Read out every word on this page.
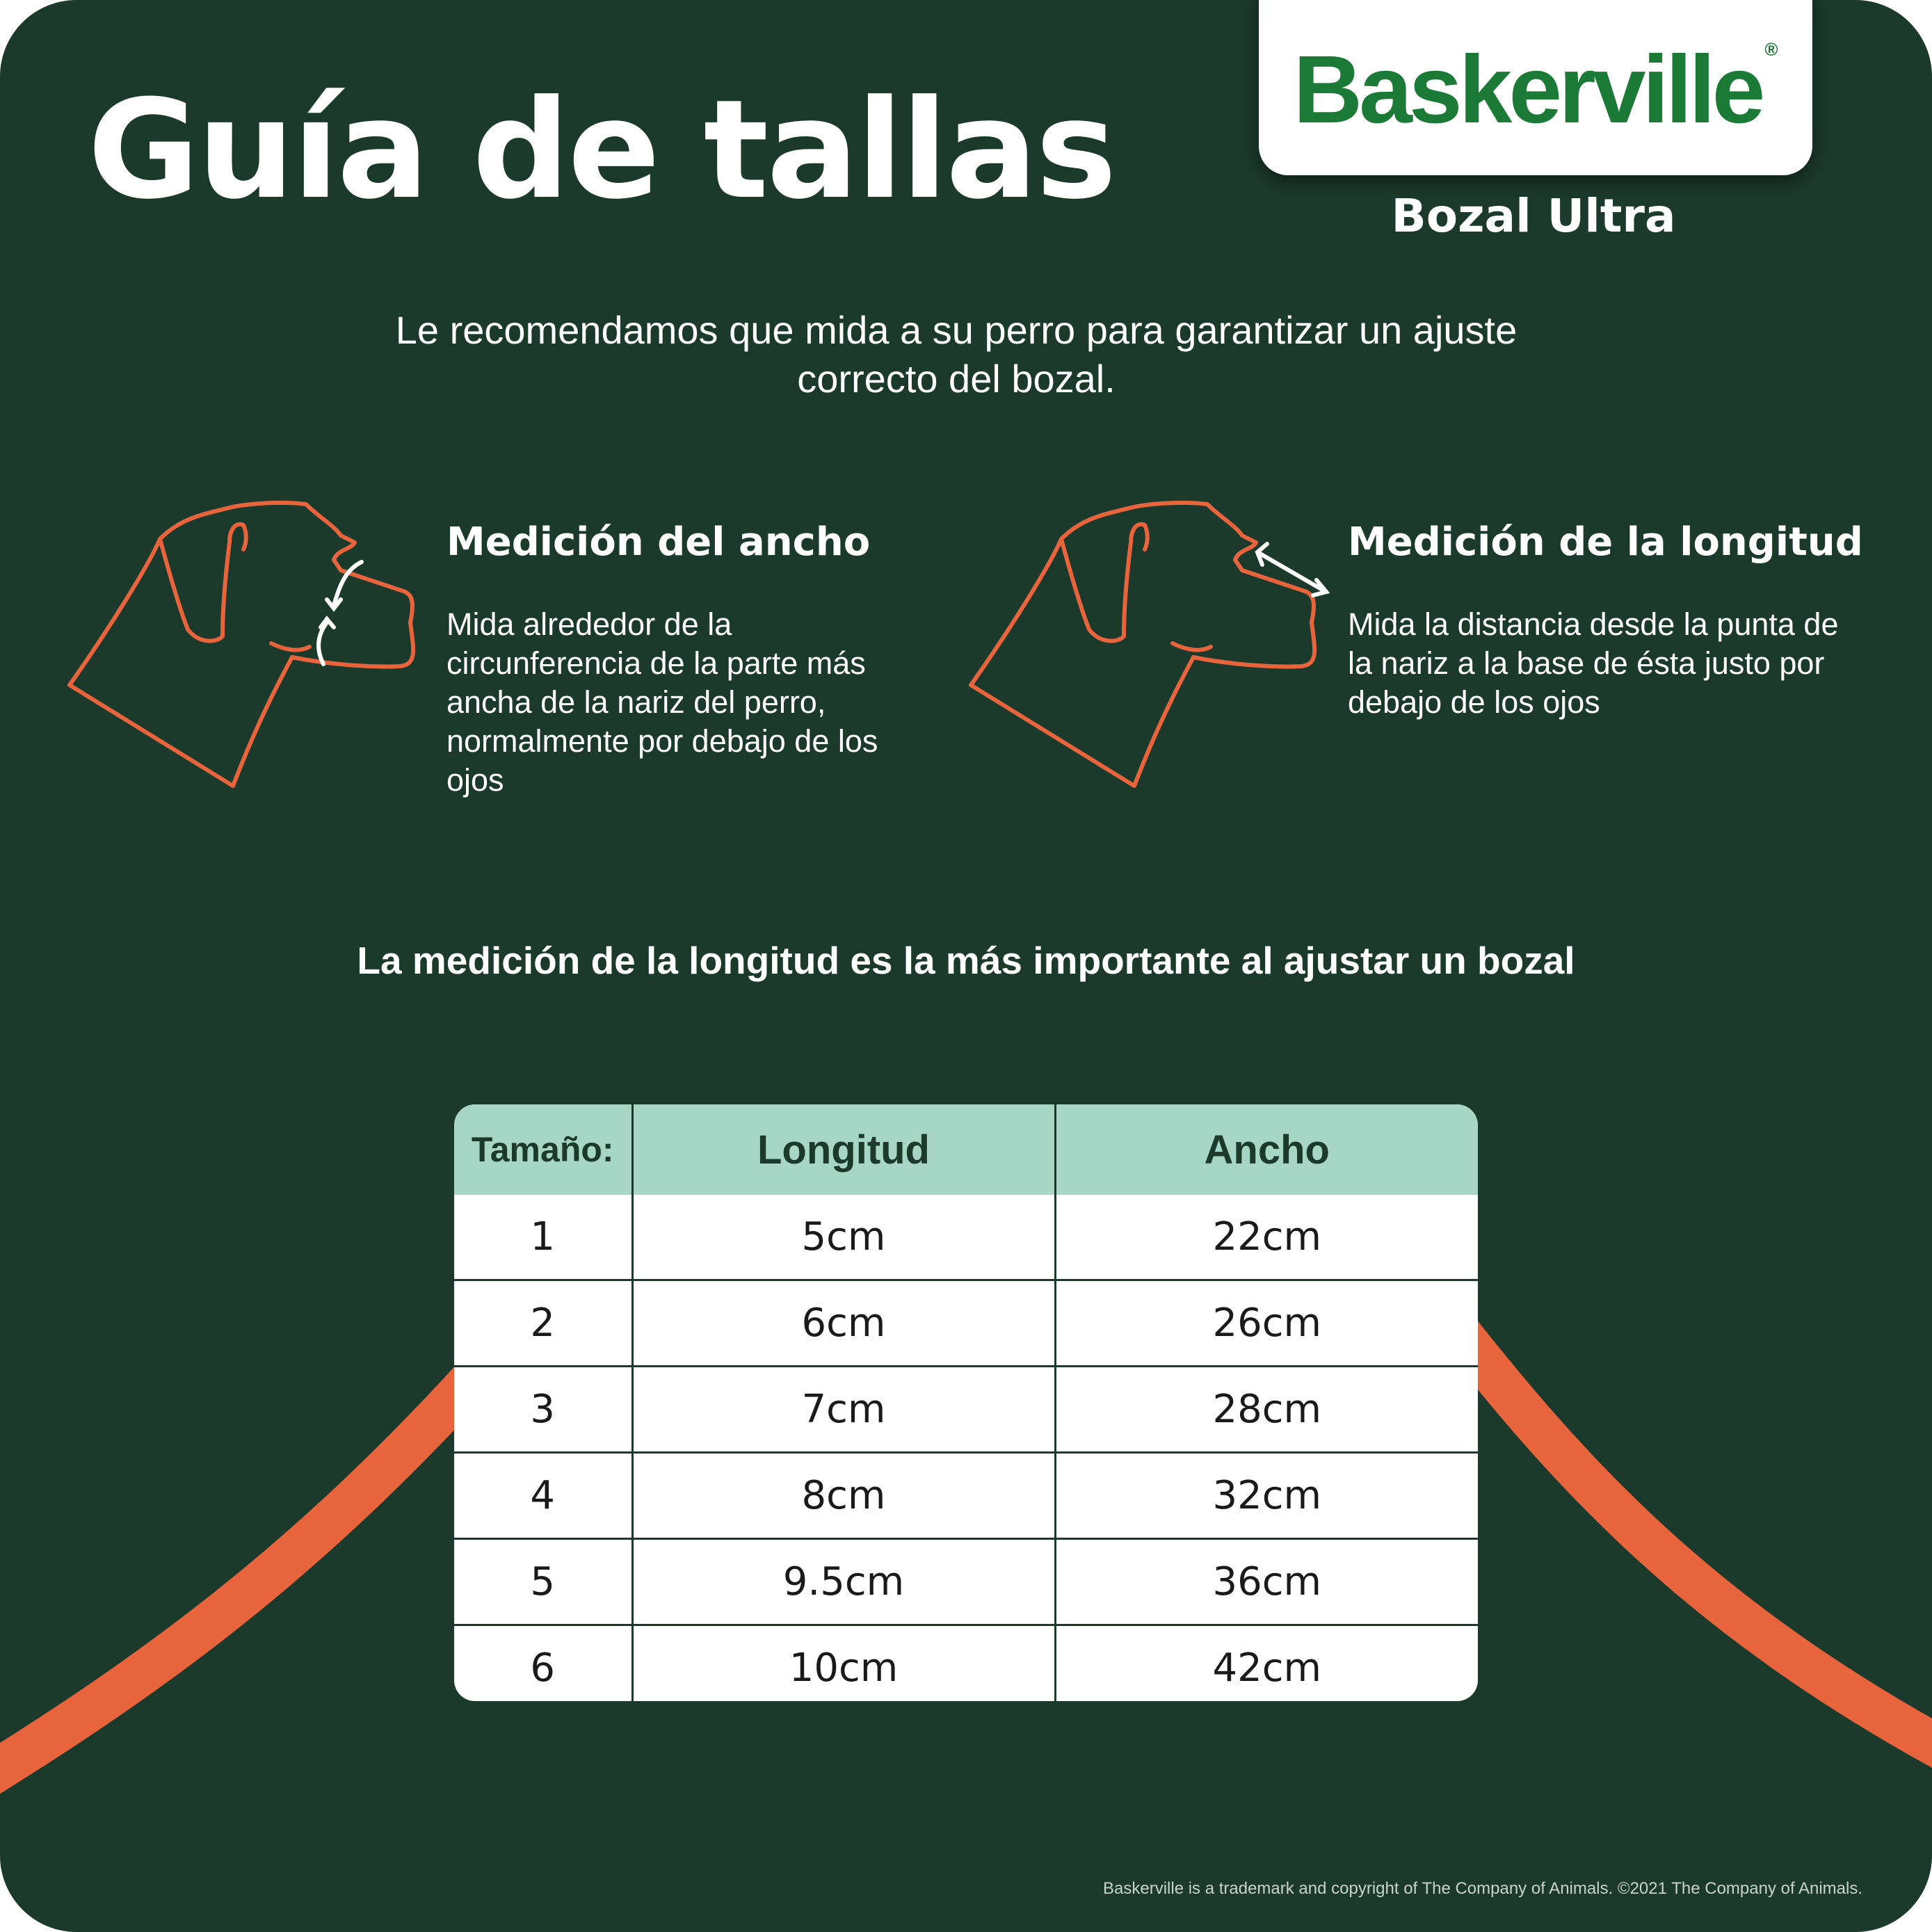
Guía de tallas	Baskerville ®
Bozal Ultra

Le recomendamos que mida a su perro para garantizar un ajuste correcto del bozal.

Medición del ancho

Mida alrededor de la circunferencia de la parte más ancha de la nariz del perro, normalmente por debajo de los ojos

Medición de la longitud

Mida la distancia desde la punta de la nariz a la base de ésta justo por debajo de los ojos

La medición de la longitud es la más importante al ajustar un bozal

Tamaño:	Longitud	Ancho
1	5cm	22cm
2	6cm	26cm
3	7cm	28cm
4	8cm	32cm
5	9.5cm	36cm
6	10cm	42cm

Baskerville is a trademark and copyright of The Company of Animals. ©2021 The Company of Animals.
